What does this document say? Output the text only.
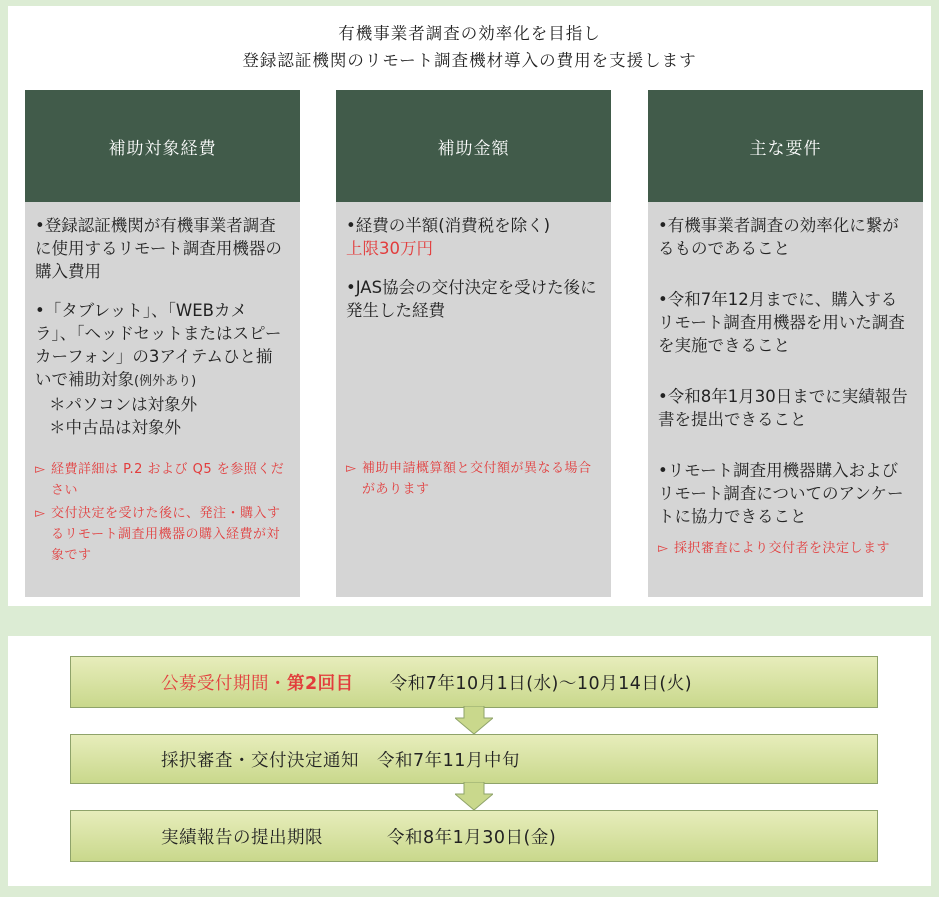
有機事業者調査の効率化を目指し
登録認証機関のリモート調査機材導入の費用を支援します
補助対象経費
•登録認証機関が有機事業者調査に使用するリモート調査用機器の購入費用
•「タブレット」、「WEBカメラ」、「ヘッドセットまたはスピーカーフォン」の3アイテムひと揃いで補助対象(例外あり)
＊パソコンは対象外
＊中古品は対象外
▻ 経費詳細は P.2 および Q5 を参照ください
▻ 交付決定を受けた後に、発注・購入するリモート調査用機器の購入経費が対象です
補助金額
•経費の半額(消費税を除く)
上限30万円
•JAS協会の交付決定を受けた後に発生した経費
▻ 補助申請概算額と交付額が異なる場合があります
主な要件
•有機事業者調査の効率化に繋がるものであること
•令和7年12月までに、購入するリモート調査用機器を用いた調査を実施できること
•令和8年1月30日までに実績報告書を提出できること
•リモート調査用機器購入およびリモート調査についてのアンケートに協力できること
▻ 採択審査により交付者を決定します
公募受付期間・ 第2回目 令和7年10月1日(水)～10月14日(火)
採択審査・交付決定通知 令和7年11月中旬
実績報告の提出期限	令和8年1月30日(金)
